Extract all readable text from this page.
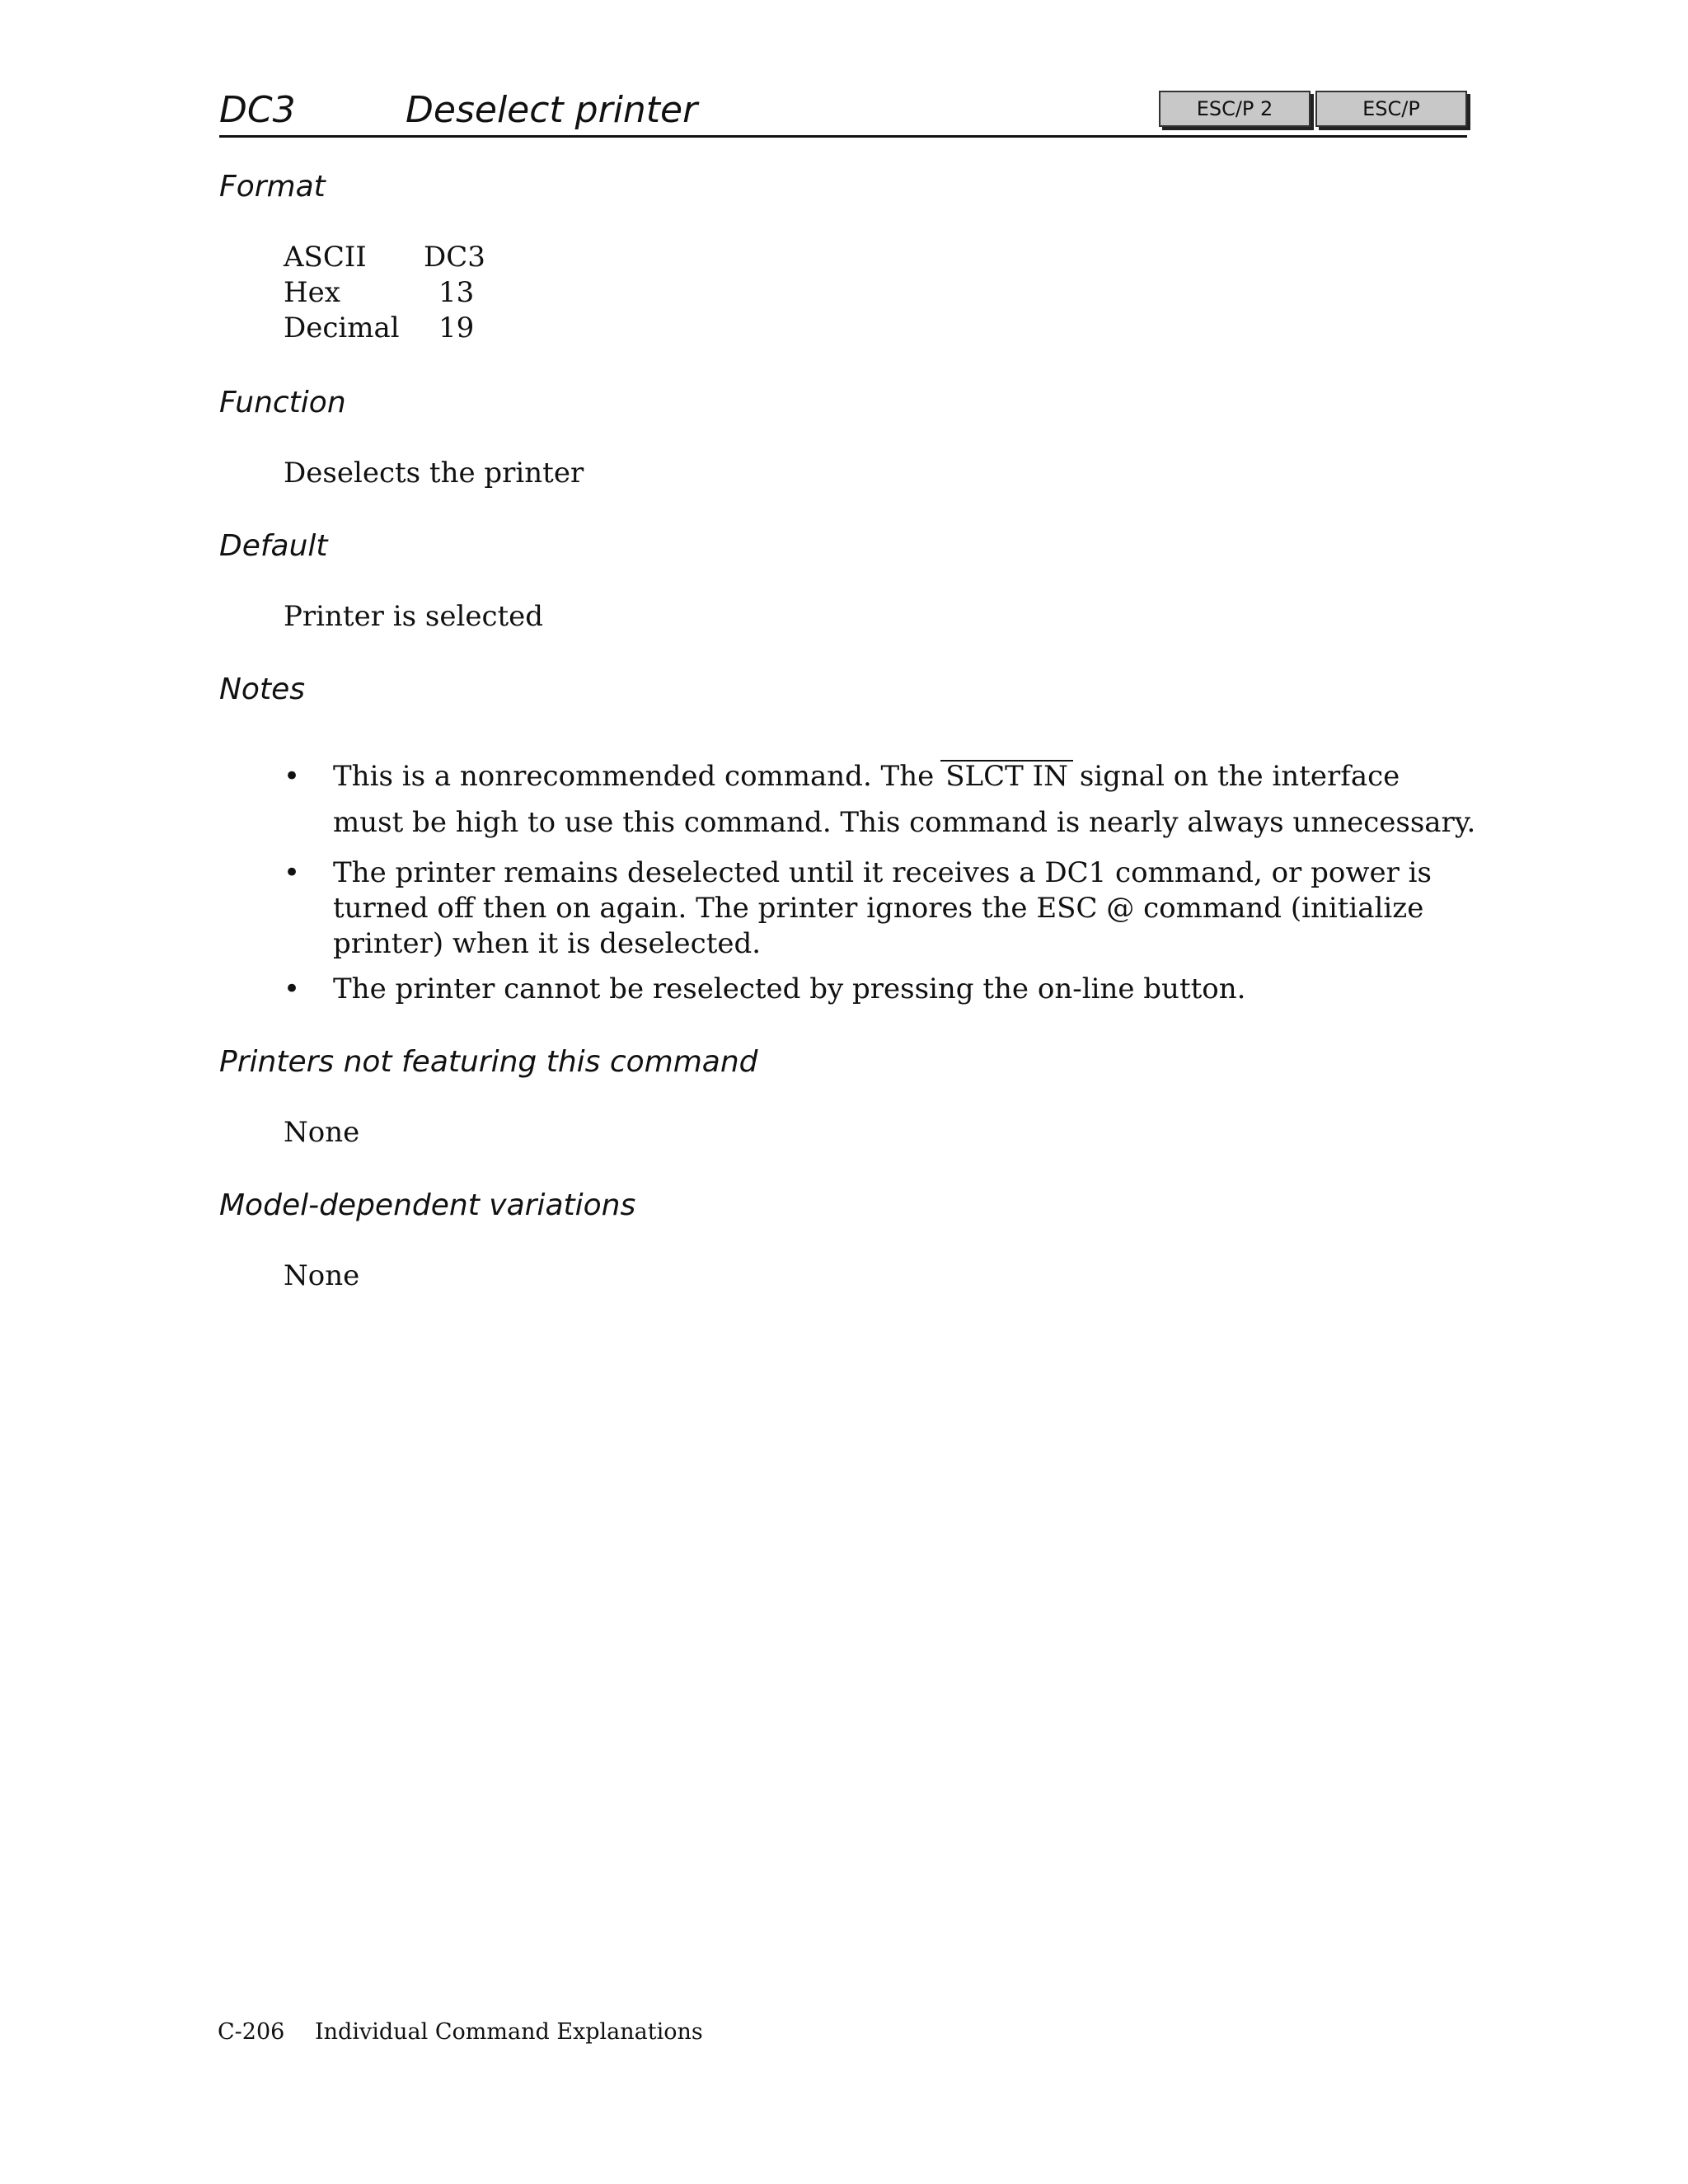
DC3	Deselect printer	ESC/P 2	ESC/P
Format
ASCII	DC3
Hex	13
Decimal	19
Function
Deselects the printer
Default
Printer is selected
Notes
• This is a nonrecommended command. The SLCT IN signal on the interface must be high to use this command. This command is nearly always unnecessary.
• The printer remains deselected until it receives a DC1 command, or power is turned off then on again. The printer ignores the ESC @ command (initialize printer) when it is deselected.
• The printer cannot be reselected by pressing the on-line button.
Printers not featuring this command
None
Model-dependent variations
None
C-206 Individual Command Explanations
